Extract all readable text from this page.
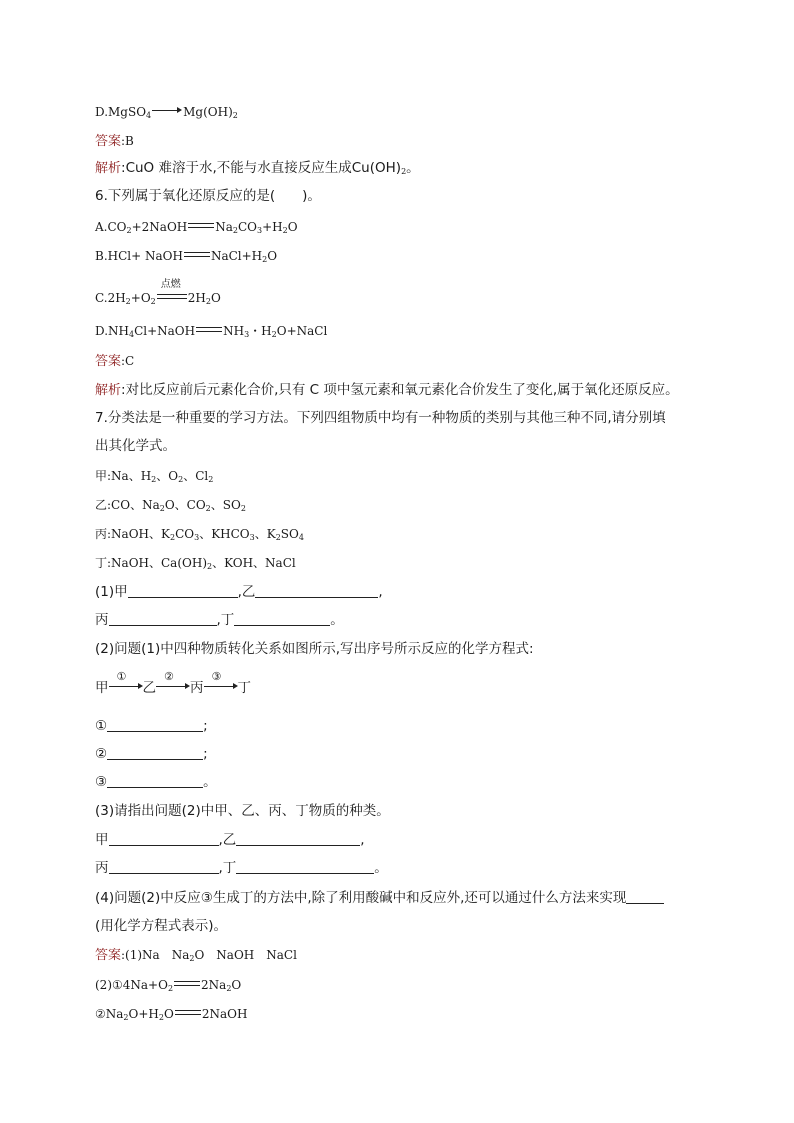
D.MgSO$_4$	$Mg(OH)_2$
答案:B
解析:CuO 难溶于水,不能与水直接反应生成$Cu(OH)_2$。
6.下列属于氧化还原反应的是(　　)。
$A.CO_2+2NaOH$ $Na_2CO_3+H_2O$
B.HCl+ NaOH $NaCl+H_2O$
$C.2H_2+O_2$
点燃
$2H_2O$
$D.NH_4Cl+NaOH$ $NH_3$・$H_2O+NaCl$
答案:C
解析:对比反应前后元素化合价,只有 C 项中氢元素和氧元素化合价发生了变化,属于氧化还原反应。
7.分类法是一种重要的学习方法。下列四组物质中均有一种物质的类别与其他三种不同,请分别填
出其化学式。
甲:Na、$H_2$、$O_2$、$Cl_2$
乙:CO、$Na_2O$、$CO_2$、$SO_2$
丙:NaOH、$K_2CO_3$、$KHCO_3$、$K_2SO_4$
丁:NaOH、$Ca(OH)_2$、KOH、NaCl
(1)甲	,乙	,
丙	,丁	。
(2)问题(1)中四种物质转化关系如图所示,写出序号所示反应的化学方程式:
甲
①
乙
②
丙
③
丁
①	;
②	;
③	。
(3)请指出问题(2)中甲、乙、丙、丁物质的种类。
甲	,乙	,
丙	,丁	。
(4)问题(2)中反应③生成丁的方法中,除了利用酸碱中和反应外,还可以通过什么方法来实现
(用化学方程式表示)。
答案:(1)Na　$Na_2O$　NaOH　NaCl
$(2)①4Na+O_2$ $2Na_2O$
$②Na_2O+H_2O$ 2NaOH
